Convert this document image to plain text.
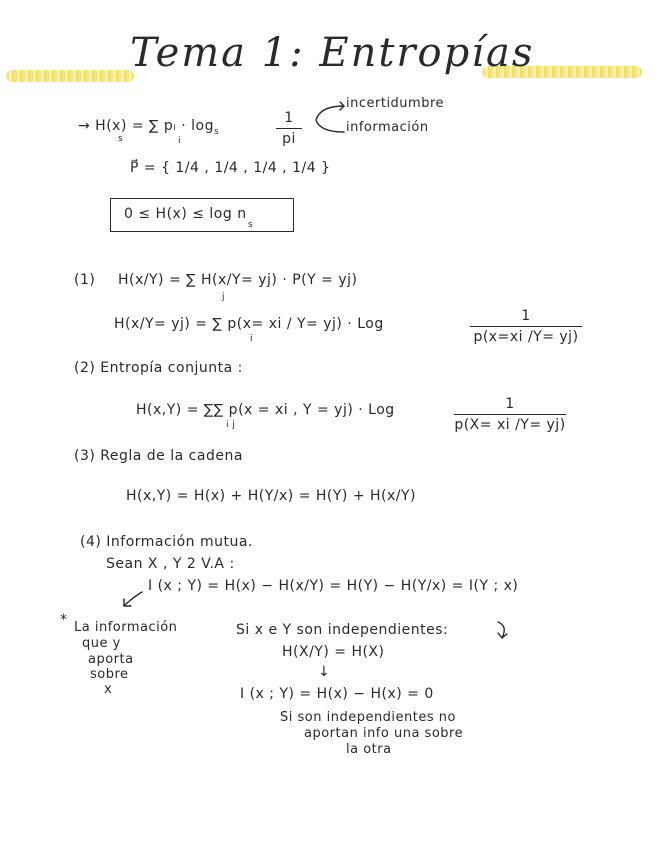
Tema 1: Entropías
→ H(x) = ∑ pᵢ · $\log_s$
s	i
1
pi
incertidumbre
información
P⃗ = { 1/4 , 1/4 , 1/4 , 1/4 }
0 ≤ H(x) ≤ log n
s
(1) H(x/Y) = ∑ H(x/Y= yj) · P(Y = yj)
j
H(x/Y= yj) = ∑ p(x= xi / Y= yj) · Log
i
1
p(x=xi /Y= yj)
(2) Entropía conjunta :
H(x,Y) = ∑∑ p(x = xi , Y = yj) · Log
i j
1
p(X= xi /Y= yj)
(3) Regla de la cadena
H(x,Y) = H(x) + H(Y/x) = H(Y) + H(x/Y)
(4) Información mutua.
Sean X , Y 2 V.A :
I (x ; Y) = H(x) − H(x/Y) = H(Y) − H(Y/x) = I(Y ; x)
* La información
que y
aporta
sobre
x
Si x e Y son independientes:
H(X/Y) = H(X)
↓
I (x ; Y) = H(x) − H(x) = 0
Si son independientes no
aportan info una sobre
la otra
